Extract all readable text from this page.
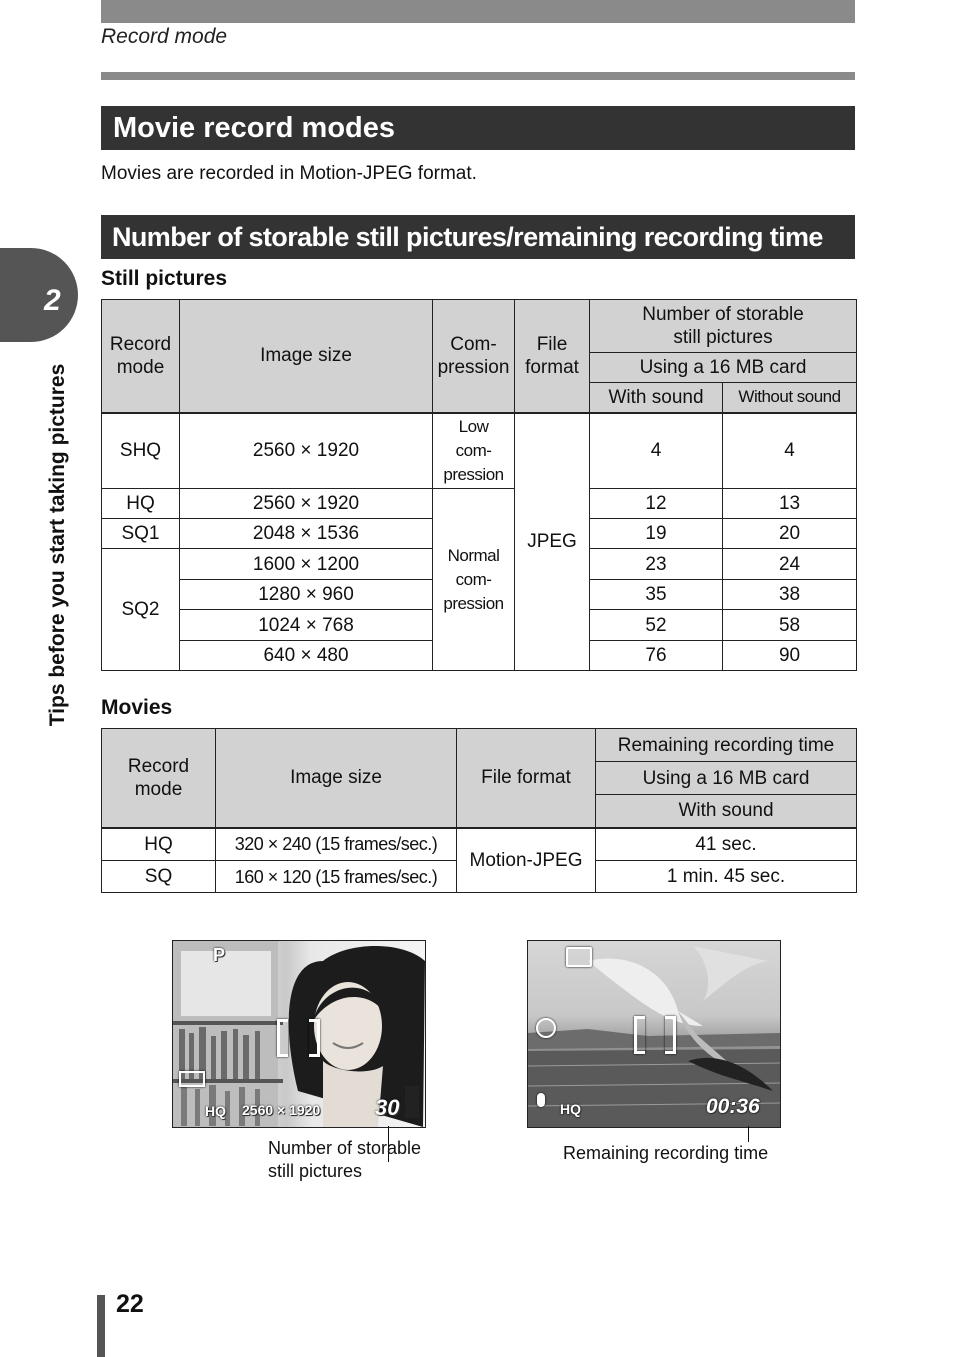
Record mode
2
Tips before you start taking pictures
Movie record modes
Movies are recorded in Motion-JPEG format.
Number of storable still pictures/remaining recording time
Still pictures
Record mode	Image size	Com-pression	File format	Number of storable still pictures	
				Using a 16 MB card	
				With sound	Without sound
SHQ	2560 × 1920	Low com-pression	JPEG	4	4
HQ	2560 × 1920	Normal com-pression		12	13
SQ1	2048 × 1536			19	20
SQ2	1600 × 1200			23	24
	1280 × 960			35	38
	1024 × 768			52	58
	640 × 480			76	90
Movies
Record mode	Image size	File format	Remaining recording time
			Using a 16 MB card
			With sound
HQ	320 × 240 (15 frames/sec.)	Motion-JPEG	41 sec.
SQ	160 × 120 (15 frames/sec.)		1 min. 45 sec.
P
HQ 2560 × 1920 30
Number of storable still pictures
HQ	00:36
Remaining recording time
22
